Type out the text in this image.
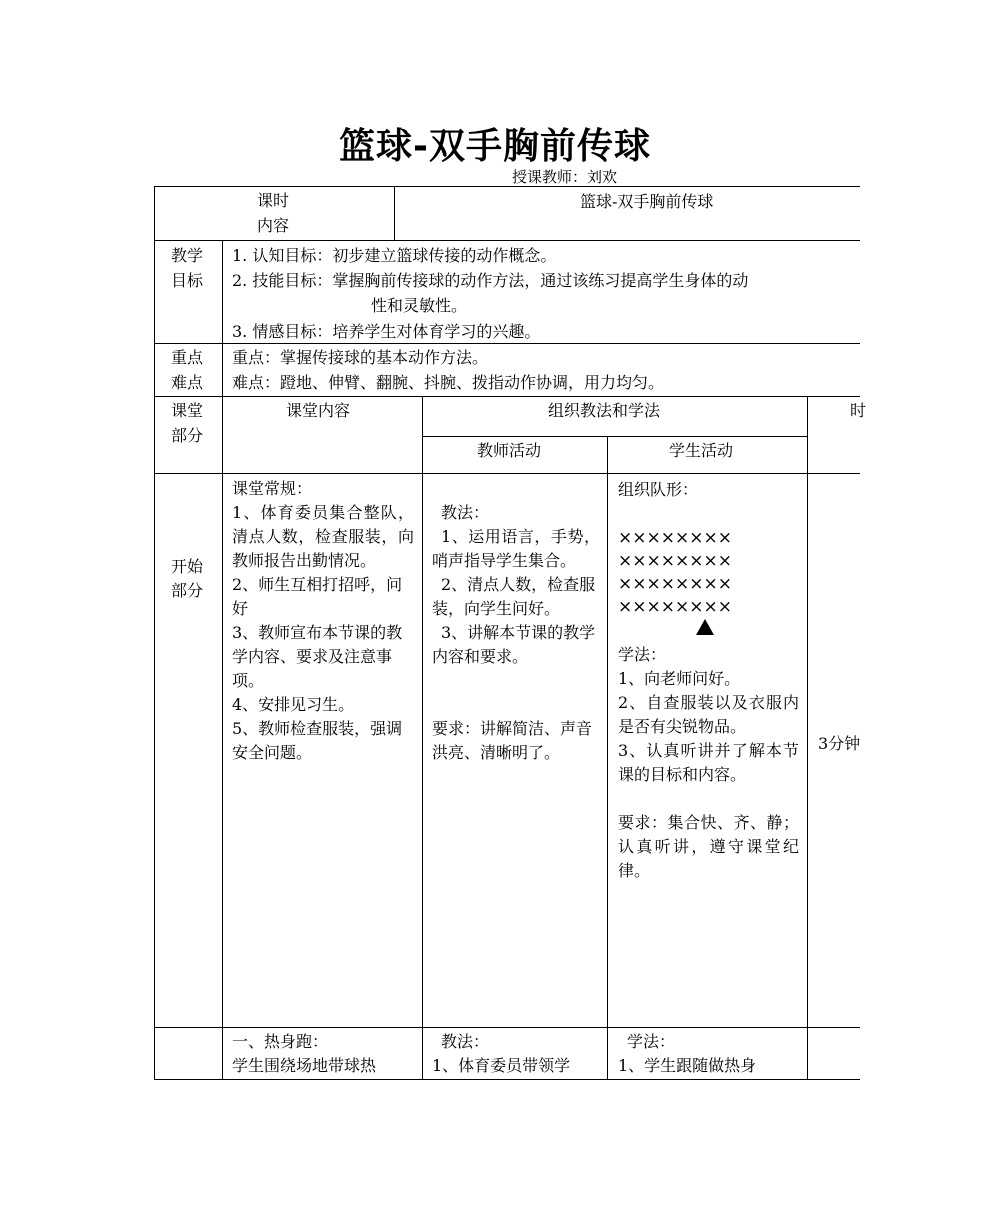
篮球-双手胸前传球
授课教师：刘欢
课时
内容
篮球-双手胸前传球
教学
目标
1. 认知目标：初步建立篮球传接的动作概念。
2. 技能目标：掌握胸前传接球的动作方法，通过该练习提高学生身体的动
性和灵敏性。
3. 情感目标：培养学生对体育学习的兴趣。
重点
难点
重点：掌握传接球的基本动作方法。
难点：蹬地、伸臂、翻腕、抖腕、拨指动作协调，用力均匀。
课堂
部分
课堂内容	组织教法和学法
教师活动	学生活动
时
开始
部分
课堂常规：
1、体育委员集合整队，清点人数，检查服装，向教师报告出勤情况。
2、师生互相打招呼，问好
3、教师宣布本节课的教学内容、要求及注意事项。
4、安排见习生。
5、教师检查服装，强调安全问题。
教法：
1、运用语言，手势，哨声指导学生集合。
2、清点人数，检查服装，向学生问好。
3、讲解本节课的教学内容和要求。
要求：讲解简洁、声音洪亮、清晰明了。
组织队形：
××××××××
××××××××
××××××××
××××××××
学法：
1、向老师问好。
2、自查服装以及衣服内是否有尖锐物品。
3、认真听讲并了解本节课的目标和内容。
要求：集合快、齐、静；认真听讲，遵守课堂纪律。
3分钟
一、热身跑：
学生围绕场地带球热
教法：
1、体育委员带领学
学法：
1、学生跟随做热身
